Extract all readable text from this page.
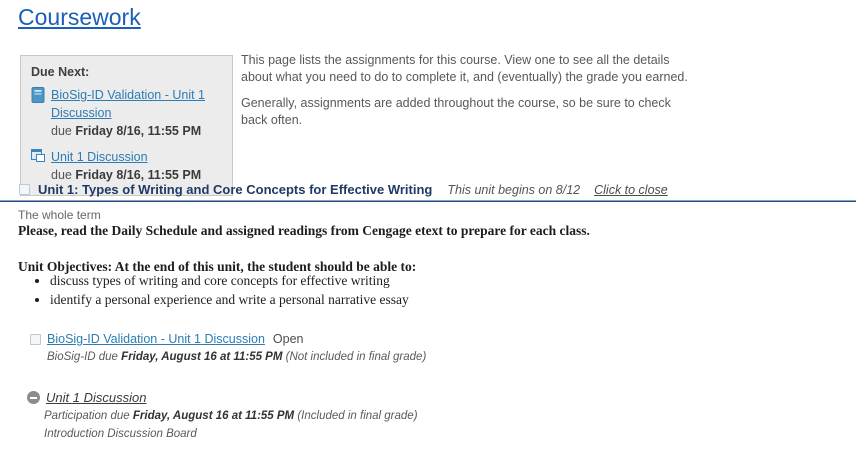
Coursework
Due Next:
BioSig-ID Validation - Unit 1 Discussion
due Friday 8/16, 11:55 PM
Unit 1 Discussion
due Friday 8/16, 11:55 PM

This page lists the assignments for this course. View one to see all the details about what you need to do to complete it, and (eventually) the grade you earned.

Generally, assignments are added throughout the course, so be sure to check back often.

Unit 1: Types of Writing and Core Concepts for Effective Writing This unit begins on 8/12 Click to close
The whole term
Please, read the Daily Schedule and assigned readings from Cengage etext to prepare for each class.
Unit Objectives: At the end of this unit, the student should be able to:
• discuss types of writing and core concepts for effective writing
• identify a personal experience and write a personal narrative essay
BioSig-ID Validation - Unit 1 Discussion Open
BioSig-ID due Friday, August 16 at 11:55 PM (Not included in final grade)
Unit 1 Discussion
Participation due Friday, August 16 at 11:55 PM (Included in final grade)
Introduction Discussion Board
